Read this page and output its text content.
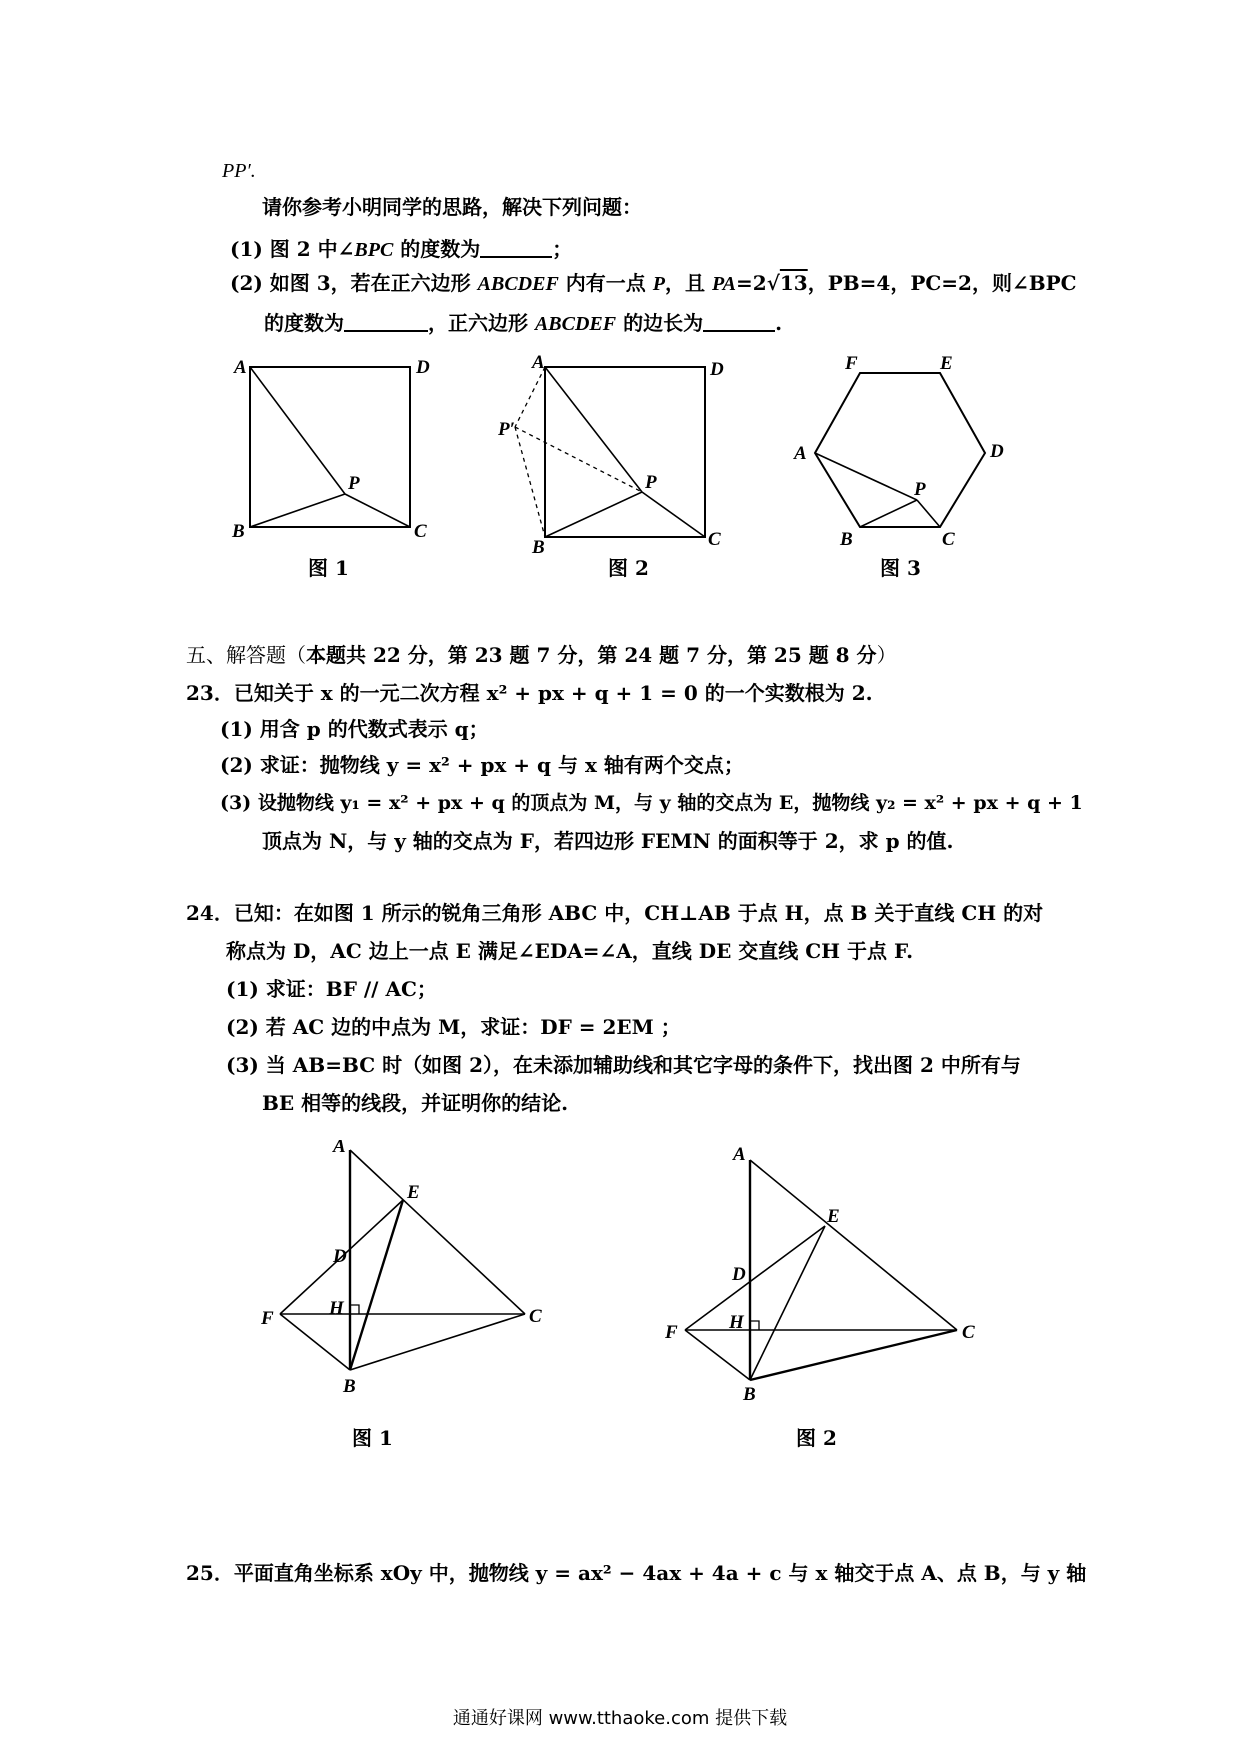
PP′.
请你参考小明同学的思路，解决下列问题：
(1) 图 2 中∠BPC 的度数为	；
(2) 如图 3，若在正六边形 ABCDEF 内有一点 P，且 PA=2√13，PB=4，PC=2，则∠BPC
的度数为	，正六边形 ABCDEF 的边长为	.
A	D
B	C
P
图 1
A	D
P′
B	C
P
图 2
F	E
D
A
B	C
P
图 3
五、解答题（本题共 22 分，第 23 题 7 分，第 24 题 7 分，第 25 题 8 分）
23．已知关于 x 的一元二次方程 x² + px + q + 1 = 0 的一个实数根为 2.
(1) 用含 p 的代数式表示 q；
(2) 求证：抛物线 y = x² + px + q 与 x 轴有两个交点；
(3) 设抛物线 y₁ = x² + px + q 的顶点为 M，与 y 轴的交点为 E，抛物线 y₂ = x² + px + q + 1
顶点为 N，与 y 轴的交点为 F，若四边形 FEMN 的面积等于 2，求 p 的值.
24．已知：在如图 1 所示的锐角三角形 ABC 中，CH⊥AB 于点 H，点 B 关于直线 CH 的对
称点为 D，AC 边上一点 E 满足∠EDA=∠A，直线 DE 交直线 CH 于点 F.
(1) 求证：BF // AC；
(2) 若 AC 边的中点为 M，求证：DF = 2EM ；
(3) 当 AB=BC 时（如图 2），在未添加辅助线和其它字母的条件下，找出图 2 中所有与
BE 相等的线段，并证明你的结论.
A
E
D
H
F	C
B
图 1
A
E
D
H
F	C
B
图 2
25．平面直角坐标系 xOy 中，抛物线 y = ax² − 4ax + 4a + c 与 x 轴交于点 A、点 B，与 y 轴
通通好课网 www.tthaoke.com 提供下载
